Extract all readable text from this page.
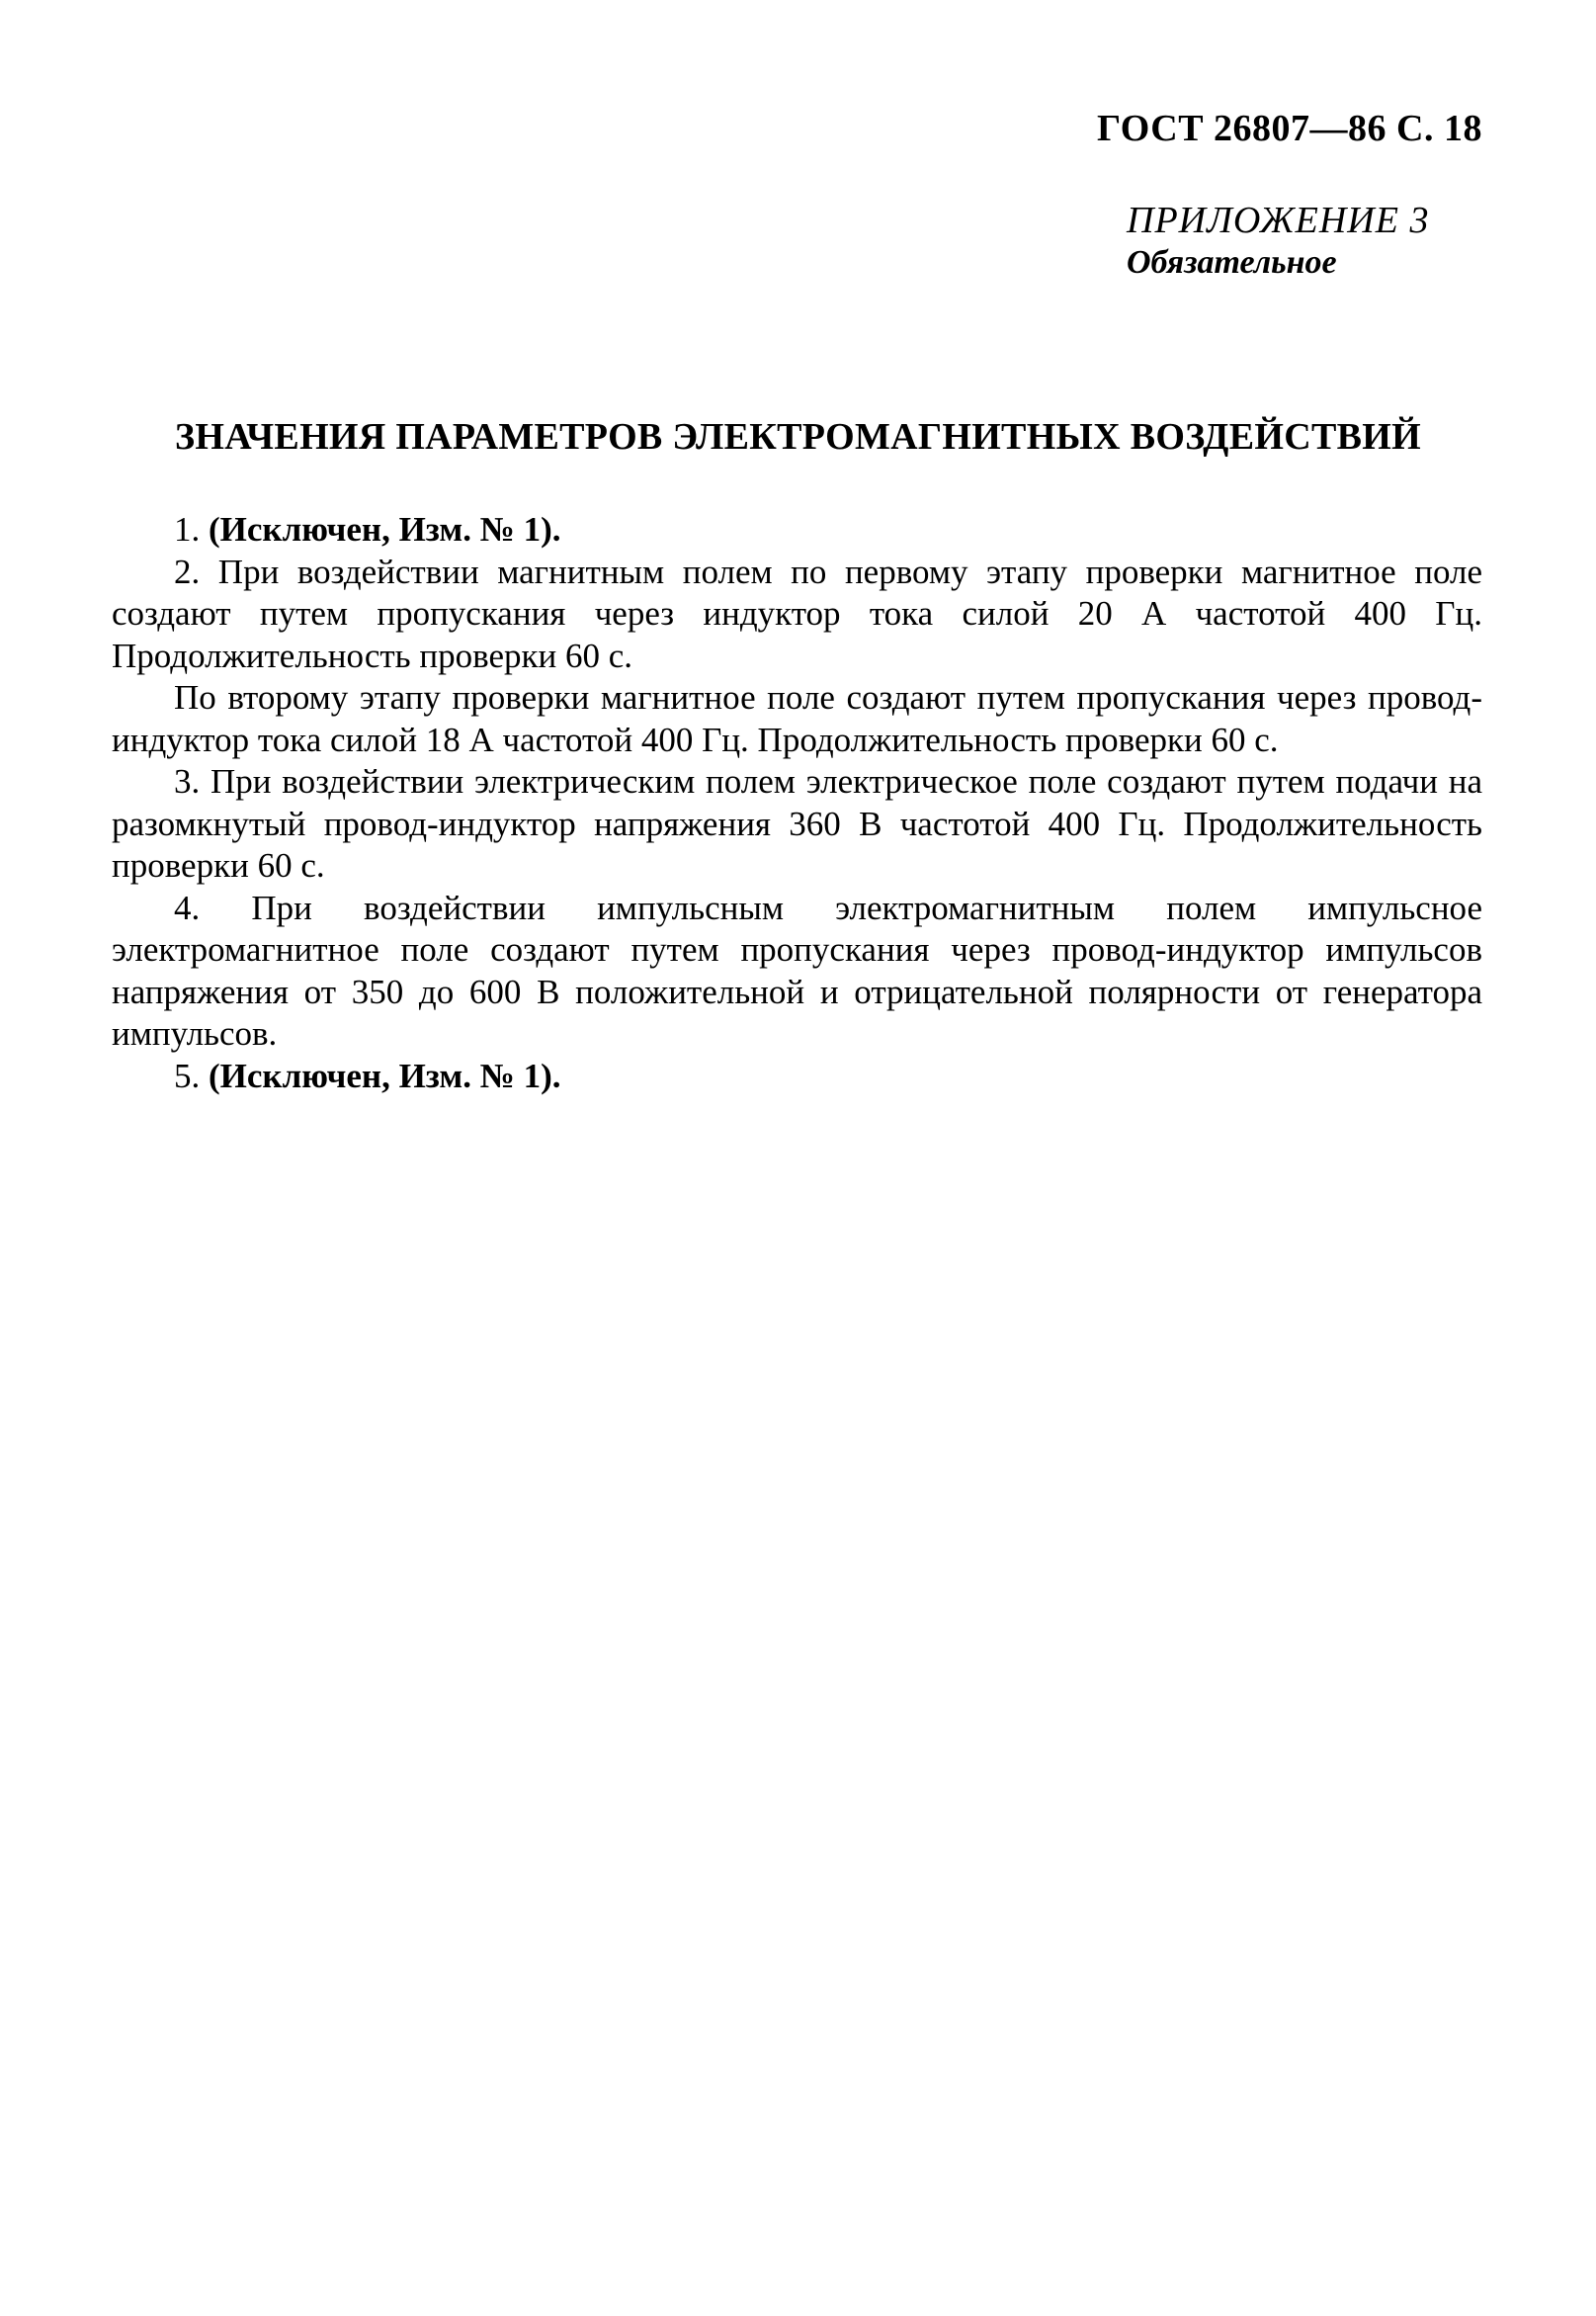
ГОСТ 26807—86 С. 18
ПРИЛОЖЕНИЕ 3
Обязательное
ЗНАЧЕНИЯ ПАРАМЕТРОВ ЭЛЕКТРОМАГНИТНЫХ ВОЗДЕЙСТВИЙ

1. (Исключен, Изм. № 1).

2. При воздействии магнитным полем по первому этапу проверки магнитное поле создают путем пропускания через индуктор тока силой 20 А частотой 400 Гц. Продолжительность проверки 60 с.

По второму этапу проверки магнитное поле создают путем пропускания через провод-индуктор тока силой 18 А частотой 400 Гц. Продолжительность проверки 60 с.

3. При воздействии электрическим полем электрическое поле создают путем подачи на разомкнутый провод-индуктор напряжения 360 В частотой 400 Гц. Продолжительность проверки 60 с.

4. При воздействии импульсным электромагнитным полем импульсное электромагнитное поле создают путем пропускания через провод-индуктор импульсов напряжения от 350 до 600 В положительной и отрицательной полярности от генератора импульсов.

5. (Исключен, Изм. № 1).
